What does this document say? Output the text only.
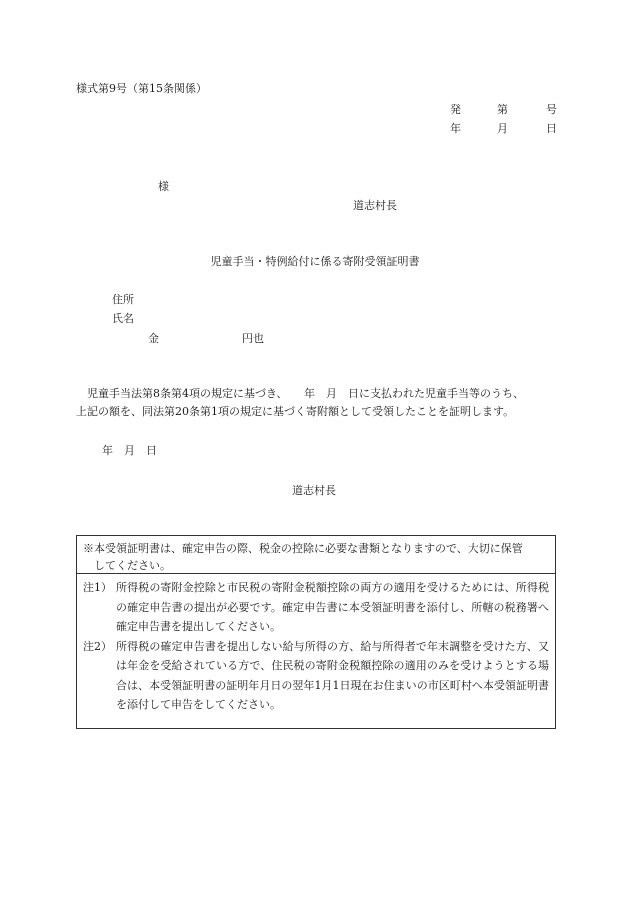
様式第9号（第15条関係）
発	第	号
年	月	日
様
道志村長
児童手当・特例給付に係る寄附受領証明書
住所
氏名
金	円也

児童手当法第8条第4項の規定に基づき、　　年　月　日に支払われた児童手当等のうち、

上記の額を、同法第20条第1項の規定に基づく寄附額として受領したことを証明します。

年　月　日
道志村長
※本受領証明書は、確定申告の際、税金の控除に必要な書類となりますので、大切に保管
してください。
注1） 所得税の寄附金控除と市民税の寄附金税額控除の両方の適用を受けるためには、所得税の確定申告書の提出が必要です。確定申告書に本受領証明書を添付し、所轄の税務署へ確定申告書を提出してください。
注2） 所得税の確定申告書を提出しない給与所得の方、給与所得者で年末調整を受けた方、又は年金を受給されている方で、住民税の寄附金税額控除の適用のみを受けようとする場合は、本受領証明書の証明年月日の翌年1月1日現在お住まいの市区町村へ本受領証明書を添付して申告をしてください。
